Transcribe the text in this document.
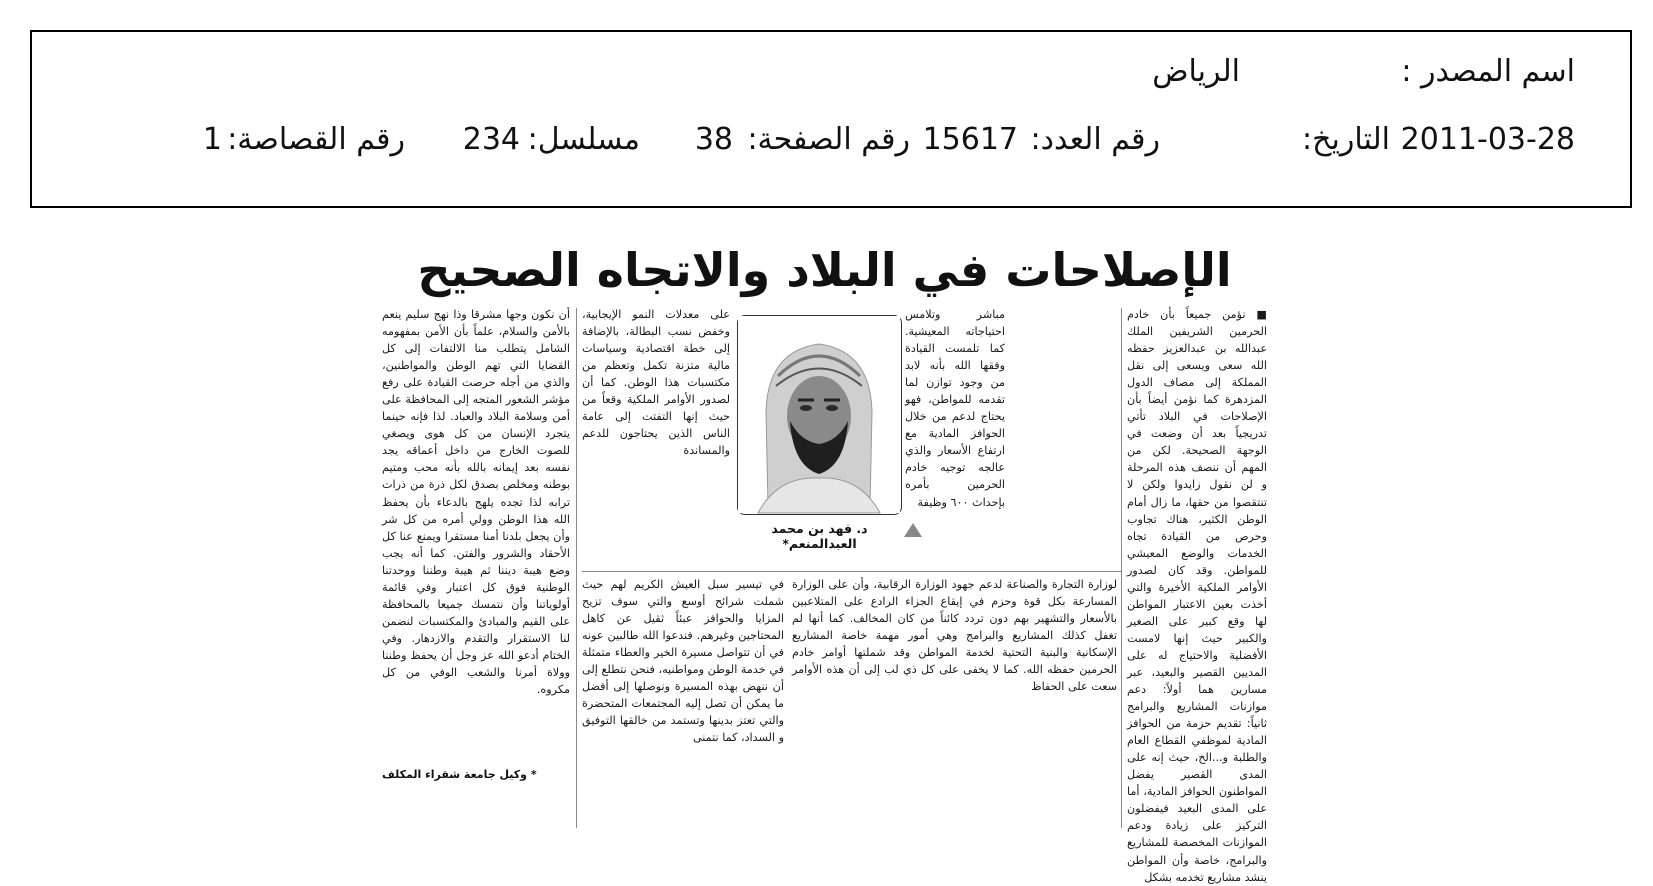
اسم المصدر :
الرياض
التاريخ: 2011-03-28
رقم العدد:
15617
رقم الصفحة:
38
مسلسل:
234
رقم القصاصة:
1
الإصلاحات في البلاد والاتجاه الصحيح
■ نؤمن جميعاً بأن خادم الحرمين الشريفين الملك عبدالله بن عبدالعزيز حفظه الله سعى ويسعى إلى نقل المملكة إلى مصاف الدول المزدهرة كما نؤمن أيضاً بأن الإصلاحات في البلاد تأتي تدريجياً بعد أن وضعت في الوجهة الصحيحة. لكن من المهم أن ننصف هذه المرحلة و لن نقول زايدوا ولكن لا تنتقصوا من حقها، ما زال أمام الوطن الكثير، هناك تجاوب وحرص من القيادة تجاه الخدمات والوضع المعيشي للمواطن. وقد كان لصدور الأوامر الملكية الأخيرة والتي أخذت بعين الاعتبار المواطن لها وقع كبير على الصغير والكبير حيث إنها لامست الأفضلية والاحتياج له على المديين القصير والبعيد، عبر مسارين هما أولاً: دعم موازنات المشاريع والبرامج ثانياً: تقديم حزمة من الحوافز المادية لموظفي القطاع العام والطلبة و...الخ، حيث إنه على المدى القصير يفضل المواطنون الحوافز المادية، أما على المدى البعيد فيفضلون التركيز على زيادة ودعم الموازنات المخصصة للمشاريع والبرامج، خاصة وأن المواطن ينشد مشاريع تخدمه بشكل
مباشر وتلامس احتياجاته المعيشية. كما تلمست القيادة وفقها الله بأنه لابد من وجود توازن لما تقدمه للمواطن، فهو يحتاج لدعم من خلال الحوافز المادية مع ارتفاع الأسعار والذي عالجه توجيه خادم الحرمين بأمره بإحداث ٦٠٠ وظيفة
د. فهد بن محمد العبدالمنعم*
على معدلات النمو الإيجابية، وخفض نسب البطالة، بالإضافة إلى خطة اقتصادية وسياسات مالية متزنة تكمل وتعظم من مكتسبات هذا الوطن. كما أن لصدور الأوامر الملكية وقعاً من حيث إنها التفتت إلى عامة الناس الذين يحتاجون للدعم والمساندة
لوزارة التجارة والصناعة لدعم جهود الوزارة الرقابية، وأن على الوزارة المسارعة بكل قوة وحزم في إيقاع الجزاء الرادع على المتلاعبين بالأسعار والتشهير بهم دون تردد كائناً من كان المخالف. كما أنها لم تغفل كذلك المشاريع والبرامج وهي أمور مهمة خاصة المشاريع الإسكانية والبنية التحتية لخدمة المواطن وقد شملتها أوامر خادم الحرمين حفظه الله. كما لا يخفى على كل ذي لب إلى أن هذه الأوامر سعت على الحفاظ
في تيسير سبل العيش الكريم لهم حيث شملت شرائح أوسع والتي سوف تزيح المزايا والحوافز عبئاً ثقيل عن كاهل المحتاجين وغيرهم. فندعوا الله طالبين عونه في أن تتواصل مسيرة الخير والعطاء متمثلة في خدمة الوطن ومواطنيه، فنحن نتطلع إلى أن ننهض بهذه المسيرة ونوصلها إلى أفضل ما يمكن أن تصل إليه المجتمعات المتحضرة والتي تعتز بدينها وتستمد من خالقها التوفيق و السداد، كما نتمنى
أن نكون وجها مشرقا وذا نهج سليم ينعم بالأمن والسلام، علماً بأن الأمن بمفهومه الشامل يتطلب منا الالتفات إلى كل القضايا التي تهم الوطن والمواطنين، والذي من أجله حرصت القيادة على رفع مؤشر الشعور المتجه إلى المحافظة على أمن وسلامة البلاد والعباد. لذا فإنه حينما يتجرد الإنسان من كل هوى ويصغي للصوت الخارج من داخل أعماقه يجد نفسه بعد إيمانه بالله بأنه محب ومتيم بوطنه ومخلص بصدق لكل ذرة من ذرات ترابه لذا تجده يلهج بالدعاء بأن يحفظ الله هذا الوطن وولي أمره من كل شر وأن يجعل بلدنا أمنا مستقرا ويمنع عنا كل الأحقاد والشرور والفتن. كما أنه يجب وضع هيبة ديننا ثم هيبة وطننا ووحدتنا الوطنية فوق كل اعتبار وفي قائمة أولوياتنا وأن نتمسك جميعا بالمحافظة على القيم والمبادئ والمكتسبات لنضمن لنا الاستقرار والتقدم والازدهار. وفي الختام أدعو الله عز وجل أن يحفظ وطننا وولاة أمرنا والشعب الوفي من كل مكروه.
* وكيل جامعة شقراء المكلف
